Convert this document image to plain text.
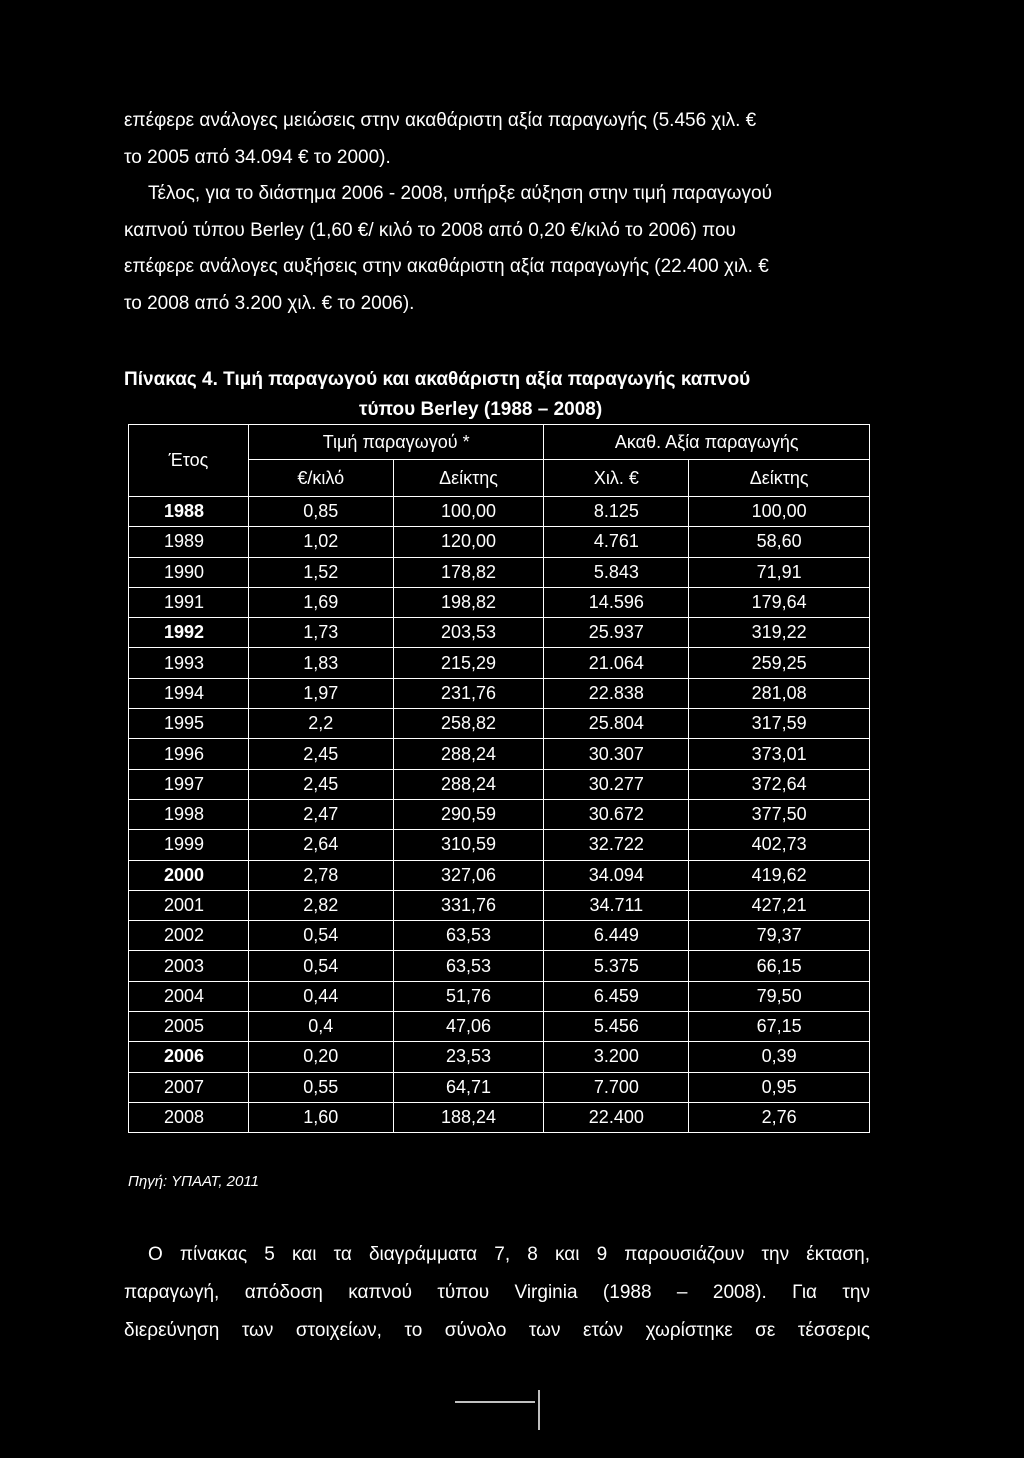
επέφερε ανάλογες μειώσεις στην ακαθάριστη αξία παραγωγής (5.456 χιλ. €
το 2005 από 34.094 € το 2000).
Τέλος, για το διάστημα 2006 - 2008, υπήρξε αύξηση στην τιμή παραγωγού
καπνού τύπου Berley (1,60 €/ κιλό το 2008 από 0,20 €/κιλό το 2006) που
επέφερε ανάλογες αυξήσεις στην ακαθάριστη αξία παραγωγής (22.400 χιλ. €
το 2008 από 3.200 χιλ. € το 2006).
Πίνακας 4. Τιμή παραγωγού και ακαθάριστη αξία παραγωγής καπνού
τύπου Berley (1988 – 2008)
Έτος	Τιμή παραγωγού *		Ακαθ. Αξία παραγωγής	
	€/κιλό	Δείκτης	Χιλ. €	Δείκτης
1988	0,85	100,00	8.125	100,00
1989	1,02	120,00	4.761	58,60
1990	1,52	178,82	5.843	71,91
1991	1,69	198,82	14.596	179,64
1992	1,73	203,53	25.937	319,22
1993	1,83	215,29	21.064	259,25
1994	1,97	231,76	22.838	281,08
1995	2,2	258,82	25.804	317,59
1996	2,45	288,24	30.307	373,01
1997	2,45	288,24	30.277	372,64
1998	2,47	290,59	30.672	377,50
1999	2,64	310,59	32.722	402,73
2000	2,78	327,06	34.094	419,62
2001	2,82	331,76	34.711	427,21
2002	0,54	63,53	6.449	79,37
2003	0,54	63,53	5.375	66,15
2004	0,44	51,76	6.459	79,50
2005	0,4	47,06	5.456	67,15
2006	0,20	23,53	3.200	0,39
2007	0,55	64,71	7.700	0,95
2008	1,60	188,24	22.400	2,76
Πηγή: ΥΠΑΑΤ, 2011
Ο πίνακας 5 και τα διαγράμματα 7, 8 και 9 παρουσιάζουν την έκταση,
παραγωγή, απόδοση καπνού τύπου Virginia (1988 – 2008). Για την
διερεύνηση των στοιχείων, το σύνολο των ετών χωρίστηκε σε τέσσερις
